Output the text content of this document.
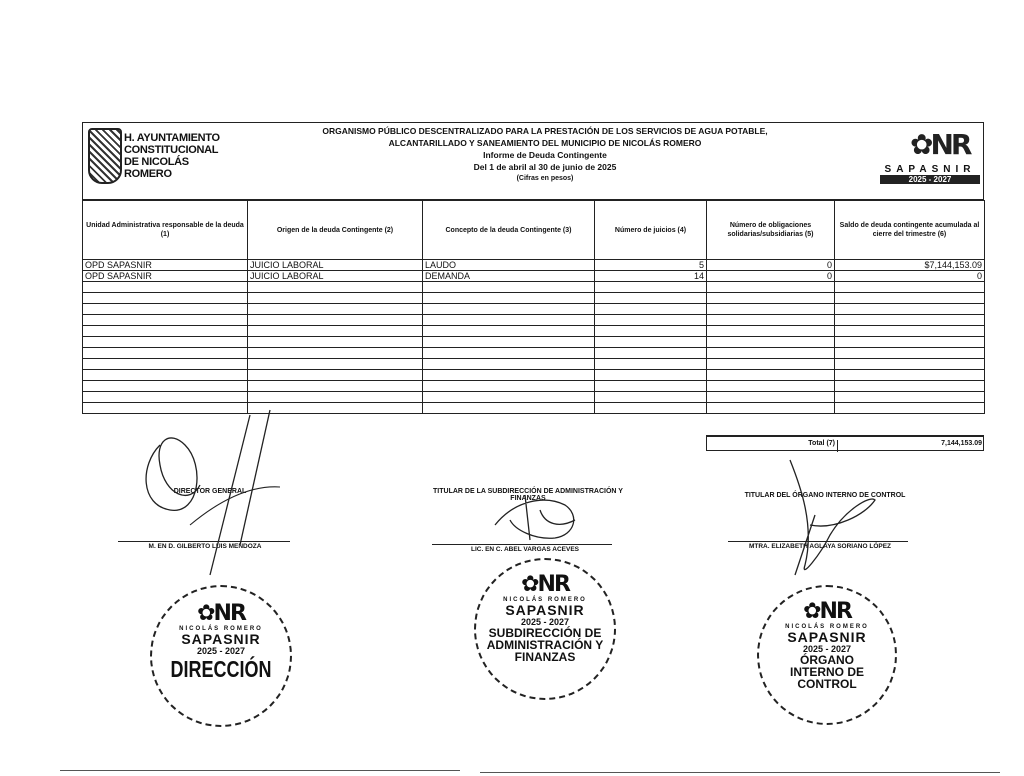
H. AYUNTAMIENTO
CONSTITUCIONAL
DE NICOLÁS ROMERO
ORGANISMO PÚBLICO DESCENTRALIZADO PARA LA PRESTACIÓN DE LOS SERVICIOS DE AGUA POTABLE,
ALCANTARILLADO Y SANEAMIENTO DEL MUNICIPIO DE NICOLÁS ROMERO
Informe de Deuda Contingente
Del 1 de abril al 30 de junio de 2025
(Cifras en pesos)
✿NR
SAPASNIR
2025 - 2027
Unidad Administrativa responsable de la deuda (1)	Origen de la deuda Contingente (2)	Concepto de la deuda Contingente (3)	Número de juicios (4)	Número de obligaciones solidarias/subsidiarias (5)	Saldo de deuda contingente acumulada al cierre del trimestre (6)
OPD SAPASNIR	JUICIO LABORAL	LAUDO	5	0	$7,144,153.09
OPD SAPASNIR	JUICIO LABORAL	DEMANDA	14	0	0

Total (7)	7,144,153.09
DIRECTOR GENERAL
M. EN D. GILBERTO LUIS MENDOZA
TITULAR DE LA SUBDIRECCIÓN DE ADMINISTRACIÓN Y FINANZAS
LIC. EN C. ABEL VARGAS ACEVES
TITULAR DEL ÓRGANO INTERNO DE CONTROL
MTRA. ELIZABETH AGLAYA SORIANO LÓPEZ
✿NR
NICOLÁS ROMERO
SAPASNIR
2025 - 2027
DIRECCIÓN
✿NR
NICOLÁS ROMERO
SAPASNIR
2025 - 2027
SUBDIRECCIÓN DE ADMINISTRACIÓN Y FINANZAS
✿NR
NICOLÁS ROMERO
SAPASNIR
2025 - 2027
ÓRGANO INTERNO DE CONTROL
